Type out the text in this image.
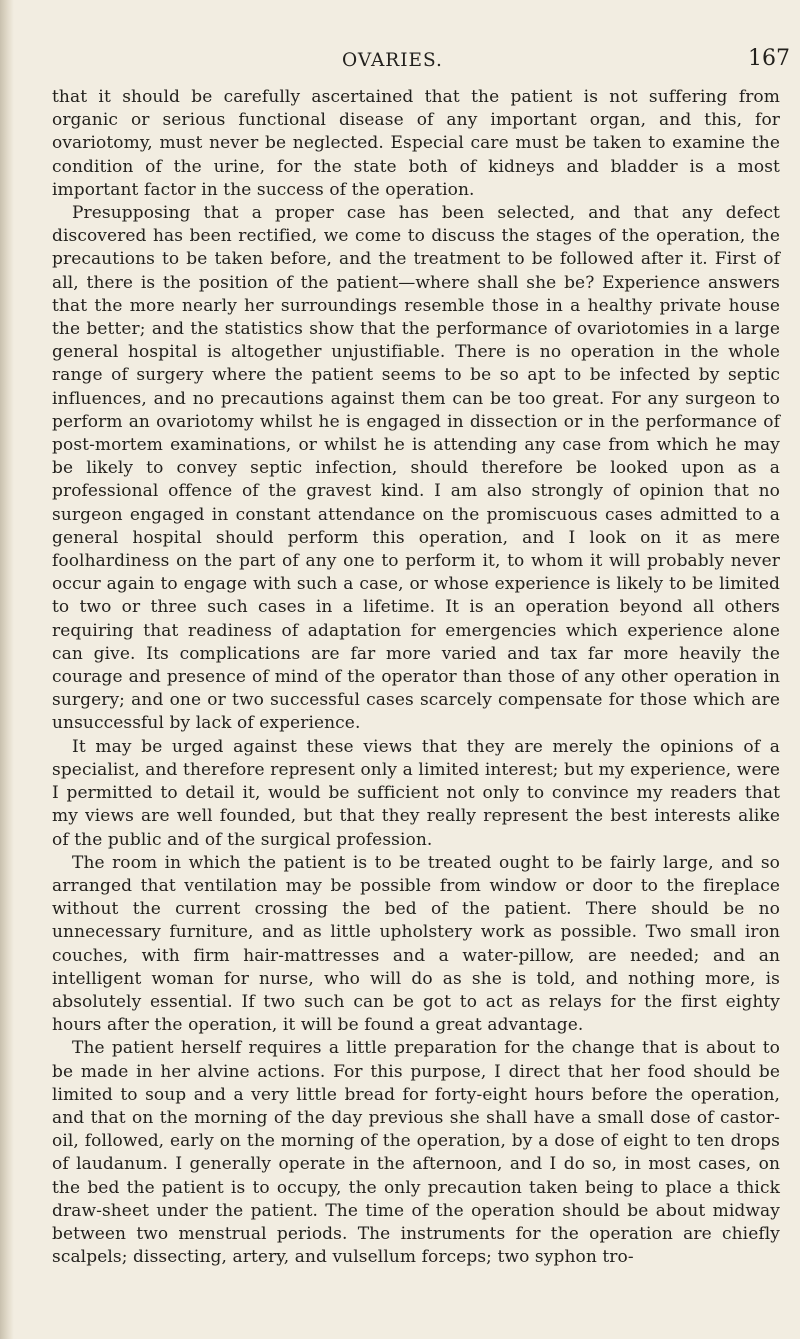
OVARIES.	167

that it should be carefully ascertained that the patient is not suffering from organic or serious functional disease of any important organ, and this, for ovariotomy, must never be neglected. Especial care must be taken to examine the condition of the urine, for the state both of kidneys and bladder is a most important factor in the success of the operation.

Presupposing that a proper case has been selected, and that any defect discovered has been rectified, we come to discuss the stages of the operation, the precautions to be taken before, and the treatment to be followed after it. First of all, there is the position of the patient—where shall she be? Experience answers that the more nearly her surroundings resemble those in a healthy private house the better; and the statistics show that the performance of ovariotomies in a large general hospital is altogether unjustifiable. There is no operation in the whole range of surgery where the patient seems to be so apt to be infected by septic influences, and no precautions against them can be too great. For any surgeon to perform an ovariotomy whilst he is engaged in dissection or in the performance of post-mortem examinations, or whilst he is attending any case from which he may be likely to convey septic infection, should therefore be looked upon as a professional offence of the gravest kind. I am also strongly of opinion that no surgeon engaged in constant attendance on the promiscuous cases admitted to a general hospital should perform this operation, and I look on it as mere foolhardiness on the part of any one to perform it, to whom it will probably never occur again to engage with such a case, or whose experience is likely to be limited to two or three such cases in a lifetime. It is an operation beyond all others requiring that readiness of adaptation for emergencies which experience alone can give. Its complications are far more varied and tax far more heavily the courage and presence of mind of the operator than those of any other operation in surgery; and one or two successful cases scarcely compensate for those which are unsuccessful by lack of experience.

It may be urged against these views that they are merely the opinions of a specialist, and therefore represent only a limited interest; but my experience, were I permitted to detail it, would be sufficient not only to convince my readers that my views are well founded, but that they really represent the best interests alike of the public and of the surgical profession.

The room in which the patient is to be treated ought to be fairly large, and so arranged that ventilation may be possible from window or door to the fireplace without the current crossing the bed of the patient. There should be no unnecessary furniture, and as little upholstery work as possible. Two small iron couches, with firm hair-mattresses and a water-pillow, are needed; and an intelligent woman for nurse, who will do as she is told, and nothing more, is absolutely essential. If two such can be got to act as relays for the first eighty hours after the operation, it will be found a great advantage.

The patient herself requires a little preparation for the change that is about to be made in her alvine actions. For this purpose, I direct that her food should be limited to soup and a very little bread for forty-eight hours before the operation, and that on the morning of the day previous she shall have a small dose of castor-oil, followed, early on the morning of the operation, by a dose of eight to ten drops of laudanum. I generally operate in the afternoon, and I do so, in most cases, on the bed the patient is to occupy, the only precaution taken being to place a thick draw-sheet under the patient. The time of the operation should be about midway between two menstrual periods. The instruments for the operation are chiefly scalpels; dissecting, artery, and vulsellum forceps; two syphon tro-
